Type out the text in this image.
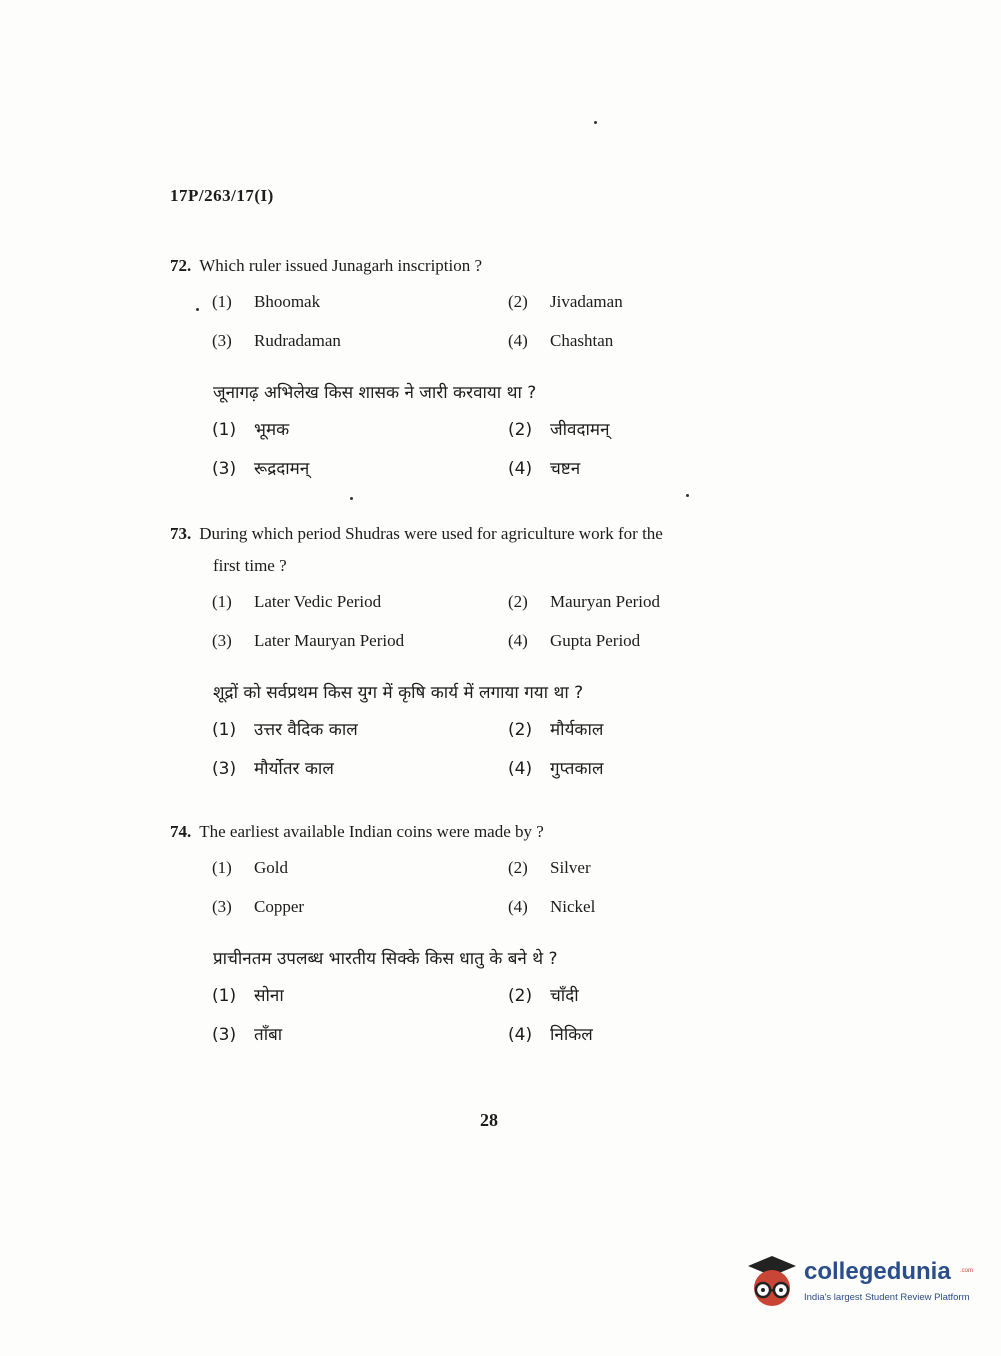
17P/263/17(I)
72. Which ruler issued Junagarh inscription ?
(1) Bhoomak	(2) Jivadaman
(3) Rudradaman	(4) Chashtan
जूनागढ़ अभिलेख किस शासक ने जारी करवाया था ?
(1) भूमक	(2) जीवदामन्
(3) रूद्रदामन्	(4) चष्टन
73. During which period Shudras were used for agriculture work for the
first time ?
(1) Later Vedic Period	(2) Mauryan Period
(3) Later Mauryan Period	(4) Gupta Period
शूद्रों को सर्वप्रथम किस युग में कृषि कार्य में लगाया गया था ?
(1) उत्तर वैदिक काल	(2) मौर्यकाल
(3) मौर्योतर काल	(4) गुप्तकाल
74. The earliest available Indian coins were made by ?
(1) Gold	(2) Silver
(3) Copper	(4) Nickel
प्राचीनतम उपलब्ध भारतीय सिक्के किस धातु के बने थे ?
(1) सोना	(2) चाँदी
(3) ताँबा	(4) निकिल
28
collegedunia .com
India's largest Student Review Platform
